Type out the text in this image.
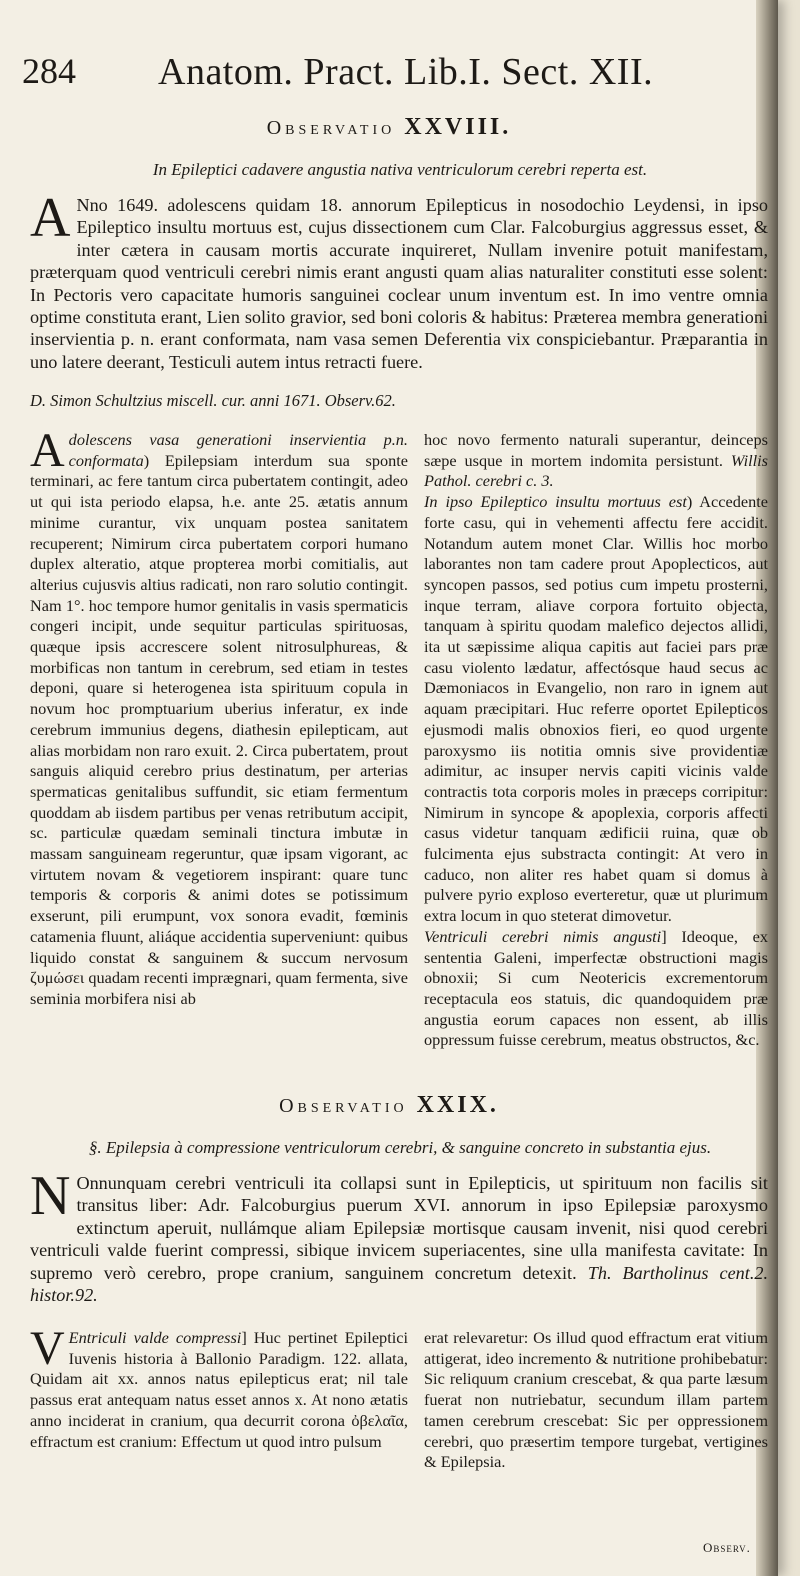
284 Anatom. Pract. Lib.I. Sect. XII.
Observatio XXVIII.
In Epileptici cadavere angustia nativa ventriculorum cerebri reperta est.

A Nno 1649. adolescens quidam 18. annorum Epilepticus in nosodochio Leydensi, in ipso Epileptico insultu mortuus est, cujus dissectionem cum Clar. Falcoburgius aggressus esset, & inter cætera in causam mortis accurate inquireret, Nullam invenire potuit manifestam, præterquam quod ventriculi cerebri nimis erant angusti quam alias naturaliter constituti esse solent: In Pectoris vero capacitate humoris sanguinei coclear unum inventum est. In imo ventre omnia optime constituta erant, Lien solito gravior, sed boni coloris & habitus: Præterea membra generationi inservientia p. n. erant conformata, nam vasa semen Deferentia vix conspiciebantur. Præparantia in uno latere deerant, Testiculi autem intus retracti fuere.

D. Simon Schultzius miscell. cur. anni 1671. Observ.62.

Adolescens vasa generationi inservientia p.n. conformata) Epilepsiam interdum sua sponte terminari, ac fere tantum circa pubertatem contingit, adeo ut qui ista periodo elapsa, h.e. ante 25. ætatis annum minime curantur, vix unquam postea sanitatem recuperent; Nimirum circa pubertatem corpori humano duplex alteratio, atque propterea morbi comitialis, aut alterius cujusvis altius radicati, non raro solutio contingit. Nam 1°. hoc tempore humor genitalis in vasis spermaticis congeri incipit, unde sequitur particulas spirituosas, quæque ipsis accrescere solent nitrosulphureas, & morbificas non tantum in cerebrum, sed etiam in testes deponi, quare si heterogenea ista spirituum copula in novum hoc promptuarium uberius inferatur, ex inde cerebrum immunius degens, diathesin epilepticam, aut alias morbidam non raro exuit. 2. Circa pubertatem, prout sanguis aliquid cerebro prius destinatum, per arterias spermaticas genitalibus suffundit, sic etiam fermentum quoddam ab iisdem partibus per venas retributum accipit, sc. particulæ quædam seminali tinctura imbutæ in massam sanguineam regeruntur, quæ ipsam vigorant, ac virtutem novam & vegetiorem inspirant: quare tunc temporis & corporis & animi dotes se potissimum exserunt, pili erumpunt, vox sonora evadit, fœminis catamenia fluunt, aliáque accidentia superveniunt: quibus liquido constat & sanguinem & succum nervosum ζυμώσει quadam recenti imprægnari, quam fermenta, sive seminia morbifera nisi ab

hoc novo fermento naturali superantur, deinceps sæpe usque in mortem indomita persistunt. Willis Pathol. cerebri c. 3.
In ipso Epileptico insultu mortuus est) Accedente forte casu, qui in vehementi affectu fere accidit. Notandum autem monet Clar. Willis hoc morbo laborantes non tam cadere prout Apoplecticos, aut syncopen passos, sed potius cum impetu prosterni, inque terram, aliave corpora fortuito objecta, tanquam à spiritu quodam malefico dejectos allidi, ita ut sæpissime aliqua capitis aut faciei pars præ casu violento lædatur, affectósque haud secus ac Dæmoniacos in Evangelio, non raro in ignem aut aquam præcipitari. Huc referre oportet Epilepticos ejusmodi malis obnoxios fieri, eo quod urgente paroxysmo iis notitia omnis sive providentiæ adimitur, ac insuper nervis capiti vicinis valde contractis tota corporis moles in præceps corripitur: Nimirum in syncope & apoplexia, corporis affecti casus videtur tanquam ædificii ruina, quæ ob fulcimenta ejus substracta contingit: At vero in caduco, non aliter res habet quam si domus à pulvere pyrio exploso everteretur, quæ ut plurimum extra locum in quo steterat dimovetur.
Ventriculi cerebri nimis angusti] Ideoque, ex sententia Galeni, imperfectæ obstructioni magis obnoxii; Si cum Neotericis excrementorum receptacula eos statuis, dic quandoquidem præ angustia eorum capaces non essent, ab illis oppressum fuisse cerebrum, meatus obstructos, &c.

Observatio XXIX.
§. Epilepsia à compressione ventriculorum cerebri, & sanguine concreto in substantia ejus.

N Onnunquam cerebri ventriculi ita collapsi sunt in Epilepticis, ut spirituum non facilis sit transitus liber: Adr. Falcoburgius puerum XVI. annorum in ipso Epilepsiæ paroxysmo extinctum aperuit, nullámque aliam Epilepsiæ mortisque causam invenit, nisi quod cerebri ventriculi valde fuerint compressi, sibique invicem superiacentes, sine ulla manifesta cavitate: In supremo verò cerebro, prope cranium, sanguinem concretum detexit. Th. Bartholinus cent.2. histor.92.

V Entriculi valde compressi] Huc pertinet Epileptici Iuvenis historia à Ballonio Paradigm. 122. allata, Quidam ait xx. annos natus epilepticus erat; nil tale passus erat antequam natus esset annos x. At nono ætatis anno inciderat in cranium, qua decurrit corona ὀβελαῖα, effractum est cranium: Effectum ut quod intro pulsum

erat relevaretur: Os illud quod effractum erat vitium attigerat, ideo incremento & nutritione prohibebatur: Sic reliquum cranium crescebat, & qua parte læsum fuerat non nutriebatur, secundum illam partem tamen cerebrum crescebat: Sic per oppressionem cerebri, quo præsertim tempore turgebat, vertigines & Epilepsia.

Observ.
